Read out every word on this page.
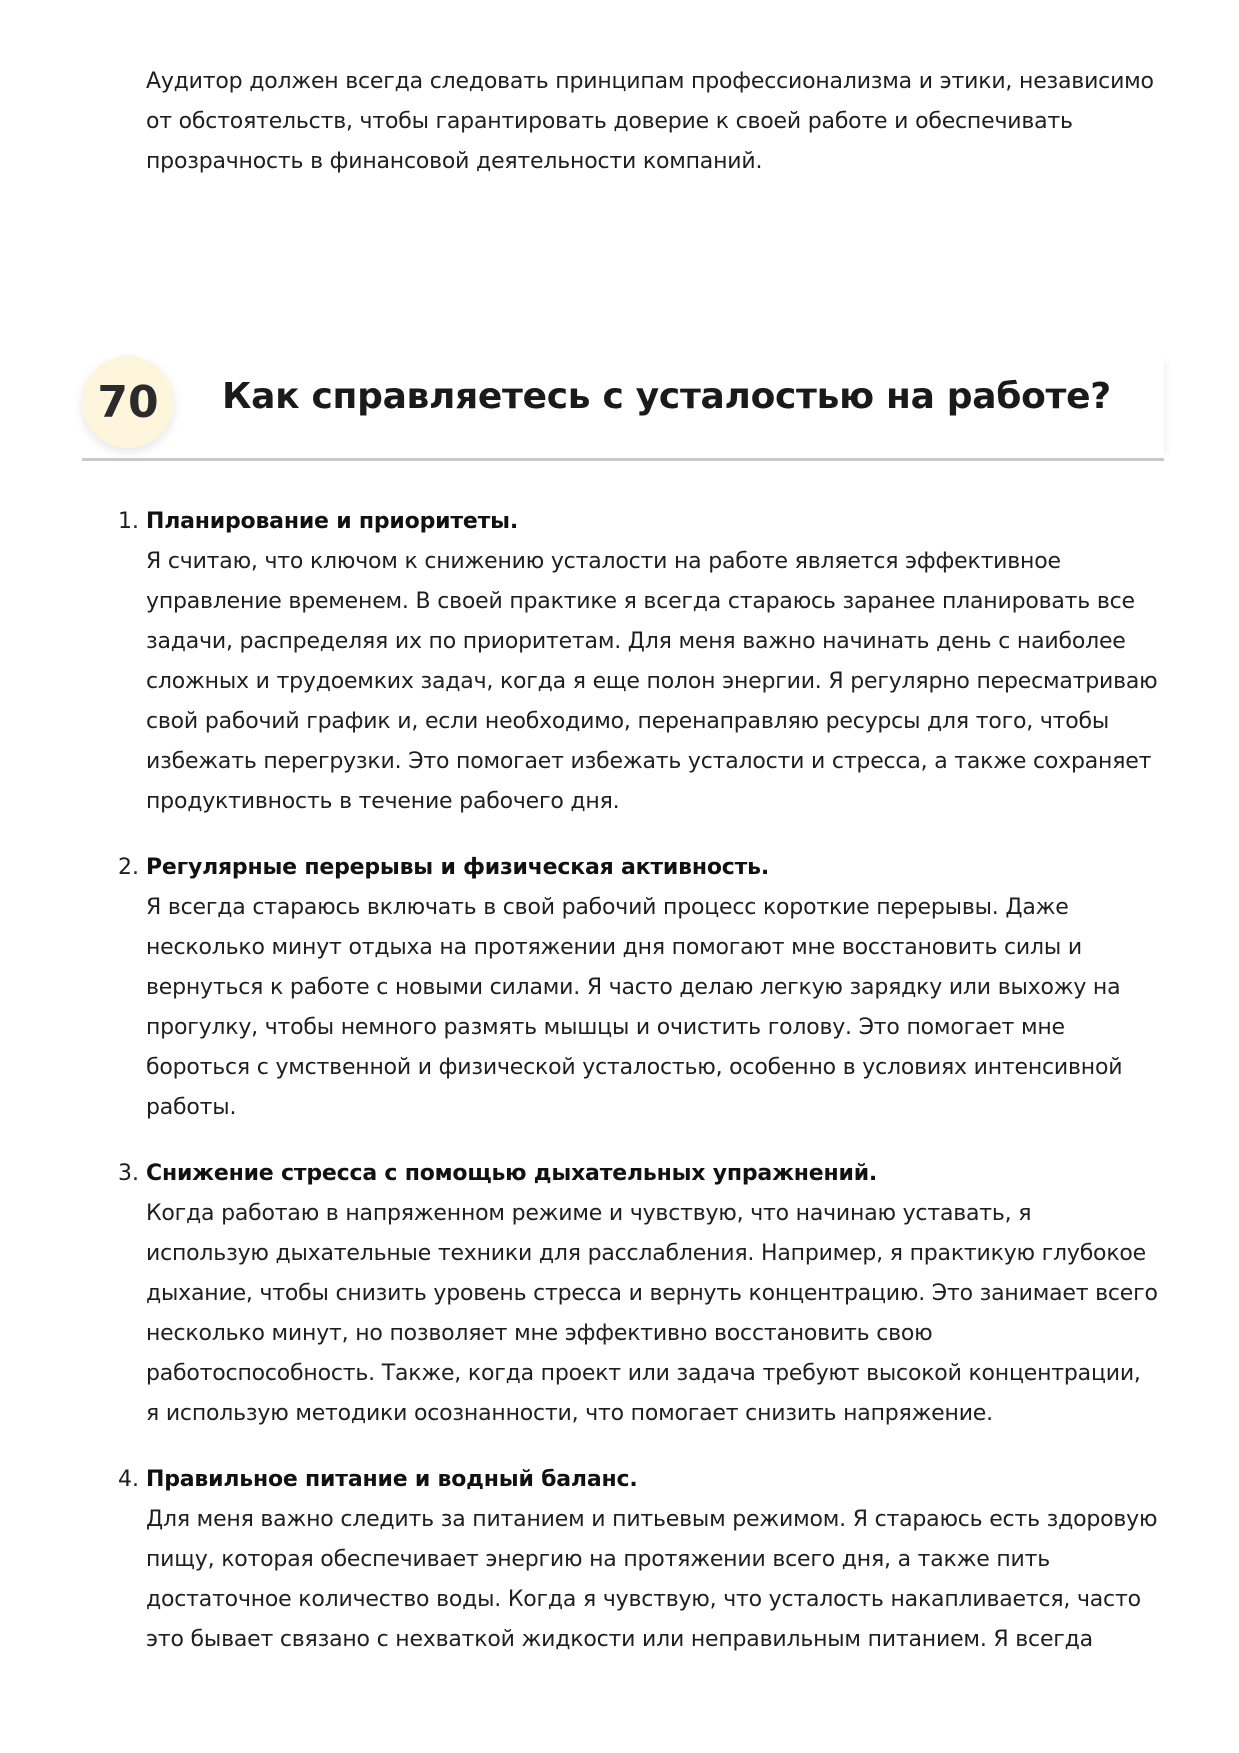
Аудитор должен всегда следовать принципам профессионализма и этики, независимо от обстоятельств, чтобы гарантировать доверие к своей работе и обеспечивать прозрачность в финансовой деятельности компаний.

70	Как справляетесь с усталостью на работе?
1. Планирование и приоритеты.

Я считаю, что ключом к снижению усталости на работе является эффективное управление временем. В своей практике я всегда стараюсь заранее планировать все задачи, распределяя их по приоритетам. Для меня важно начинать день с наиболее сложных и трудоемких задач, когда я еще полон энергии. Я регулярно пересматриваю свой рабочий график и, если необходимо, перенаправляю ресурсы для того, чтобы избежать перегрузки. Это помогает избежать усталости и стресса, а также сохраняет продуктивность в течение рабочего дня.

2. Регулярные перерывы и физическая активность.

Я всегда стараюсь включать в свой рабочий процесс короткие перерывы. Даже несколько минут отдыха на протяжении дня помогают мне восстановить силы и вернуться к работе с новыми силами. Я часто делаю легкую зарядку или выхожу на прогулку, чтобы немного размять мышцы и очистить голову. Это помогает мне бороться с умственной и физической усталостью, особенно в условиях интенсивной работы.

3. Снижение стресса с помощью дыхательных упражнений.

Когда работаю в напряженном режиме и чувствую, что начинаю уставать, я использую дыхательные техники для расслабления. Например, я практикую глубокое дыхание, чтобы снизить уровень стресса и вернуть концентрацию. Это занимает всего несколько минут, но позволяет мне эффективно восстановить свою работоспособность. Также, когда проект или задача требуют высокой концентрации, я использую методики осознанности, что помогает снизить напряжение.

4. Правильное питание и водный баланс.

Для меня важно следить за питанием и питьевым режимом. Я стараюсь есть здоровую пищу, которая обеспечивает энергию на протяжении всего дня, а также пить достаточное количество воды. Когда я чувствую, что усталость накапливается, часто это бывает связано с нехваткой жидкости или неправильным питанием. Я всегда
